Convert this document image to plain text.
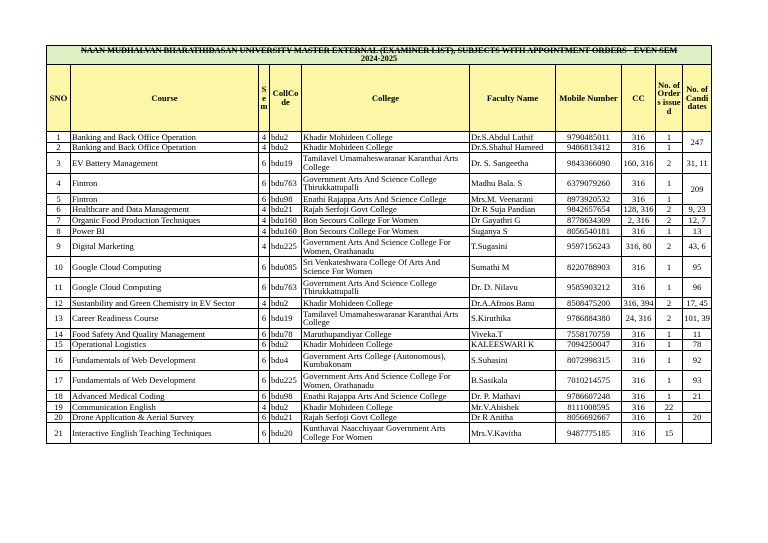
NAAN MUDHALVAN BHARATHIDASAN UNIVERSITY MASTER EXTERNAL (EXAMINER LIST), SUBJECTS WITH APPOINTMENT ORDERS - EVEN SEM
2024-2025									

SNO	Course	Sem	CollCode	College	Faculty Name	Mobile Number	CC	No. of Orders issued	No. of Candidates
1	Banking and Back Office Operation	4	bdu2	Khadir Mohideen College	Dr.S.Abdul Lathif	9790485011	316	1	247
2	Banking and Back Office Operation	4	bdu2	Khadir Mohideen College	Dr.S.Shahul Hameed	9486813412	316	1	
3	EV Battery Management	6	bdu19	Tamilavel Umamaheswaranar Karanthai Arts College	Dr. S. Sangeetha	9843366090	160, 316	2	31, 11
4	Fintron	6	bdu763	Government Arts And Science College Thirukkattupalli	Madhu Bala. S	6379079260	316	1	209
5	Fintron	6	bdu98	Enathi Rajappa Arts And Science College	Mrs.M. Veenarani	8973920532	316	1	
6	Healthcare and Data Management	4	bdu21	Rajah Serfoji Govt College	Dr R Suja Pandian	9842657654	128, 316	2	9, 23
7	Organic Food Production Techniques	4	bdu160	Bon Secours College For Women	Dr Gayathri G	8778634309	2, 316	2	12, 7
8	Power BI	4	bdu160	Bon Secours College For Women	Suganya S	8056540181	316	1	13
9	Digital Marketing	4	bdu225	Government Arts And Science College For Women, Orathanadu	T.Sugasini	9597156243	316, 80	2	43, 6
10	Google Cloud Computing	6	bdu085	Sri Venkateshwara College Of Arts And Science For Women	Sumathi M	8220788903	316	1	95
11	Google Cloud Computing	6	bdu763	Government Arts And Science College Thirukkattupalli	Dr. D. Nilavu	9585903212	316	1	96
12	Sustanbility and Green Chemistry in EV Sector	4	bdu2	Khadir Mohideen College	Dr.A.Afroos Banu	8508475200	316, 394	2	17, 45
13	Career Readiness Course	6	bdu19	Tamilavel Umamaheswaranar Karanthai Arts College	S.Kiruthika	9786884380	24, 316	2	101, 39
14	Food Safety And Quality Management	6	bdu78	Maruthupandiyar College	Viveka.T	7558170759	316	1	11
15	Operational Logistics	6	bdu2	Khadir Mohideen College	KALEESWARI K	7094250047	316	1	78
16	Fundamentals of Web Development	6	bdu4	Government Arts College (Autonomous), Kumbakonam	S.Suhasini	8072998315	316	1	92
17	Fundamentals of Web Development	6	bdu225	Government Arts And Science College For Women, Orathanadu	B.Sasikala	7010214575	316	1	93
18	Advanced Medical Coding	6	bdu98	Enathi Rajappa Arts And Science College	Dr. P. Mathavi	9786607248	316	1	21
19	Communication English	4	bdu2	Khadir Mohideen College	Mr.V.Abishek	8111008595	316	22	
20	Drone Application & Aerial Survey	6	bdu21	Rajah Serfoji Govt College	Dr R Anitha	8056692667	316	1	20
21	Interactive English Teaching Techniques	6	bdu20	Kunthavai Naacchiyaar Government Arts College For Women	Mrs.V.Kavitha	9487775185	316	15	
